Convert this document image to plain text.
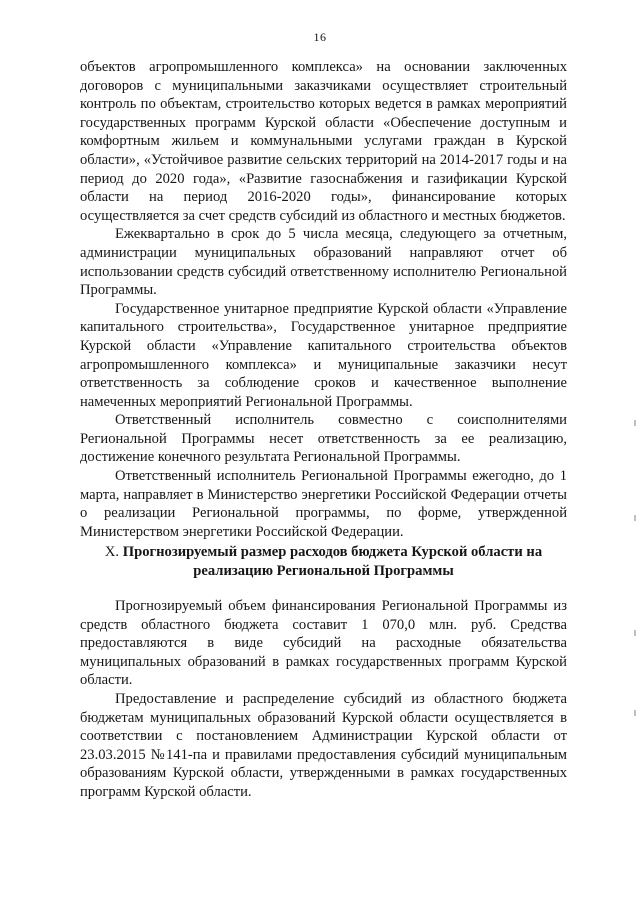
16

объектов агропромышленного комплекса» на основании заключенных договоров с муниципальными заказчиками осуществляет строительный контроль по объектам, строительство которых ведется в рамках мероприятий государственных программ Курской области «Обеспечение доступным и комфортным жильем и коммунальными услугами граждан в Курской области», «Устойчивое развитие сельских территорий на 2014-2017 годы и на период до 2020 года», «Развитие газоснабжения и газификации Курской области на период 2016-2020 годы», финансирование которых осуществляется за счет средств субсидий из областного и местных бюджетов.

Ежеквартально в срок до 5 числа месяца, следующего за отчетным, администрации муниципальных образований направляют отчет об использовании средств субсидий ответственному исполнителю Региональной Программы.

Государственное унитарное предприятие Курской области «Управление капитального строительства», Государственное унитарное предприятие Курской области «Управление капитального строительства объектов агропромышленного комплекса» и муниципальные заказчики несут ответственность за соблюдение сроков и качественное выполнение намеченных мероприятий Региональной Программы.

Ответственный исполнитель совместно с соисполнителями Региональной Программы несет ответственность за ее реализацию, достижение конечного результата Региональной Программы.

Ответственный исполнитель Региональной Программы ежегодно, до 1 марта, направляет в Министерство энергетики Российской Федерации отчеты о реализации Региональной программы, по форме, утвержденной Министерством энергетики Российской Федерации.

X. Прогнозируемый размер расходов бюджета Курской области на реализацию Региональной Программы

Прогнозируемый объем финансирования Региональной Программы из средств областного бюджета составит 1 070,0 млн. руб. Средства предоставляются в виде субсидий на расходные обязательства муниципальных образований в рамках государственных программ Курской области.

Предоставление и распределение субсидий из областного бюджета бюджетам муниципальных образований Курской области осуществляется в соответствии с постановлением Администрации Курской области от 23.03.2015 №141-па и правилами предоставления субсидий муниципальным образованиям Курской области, утвержденными в рамках государственных программ Курской области.
